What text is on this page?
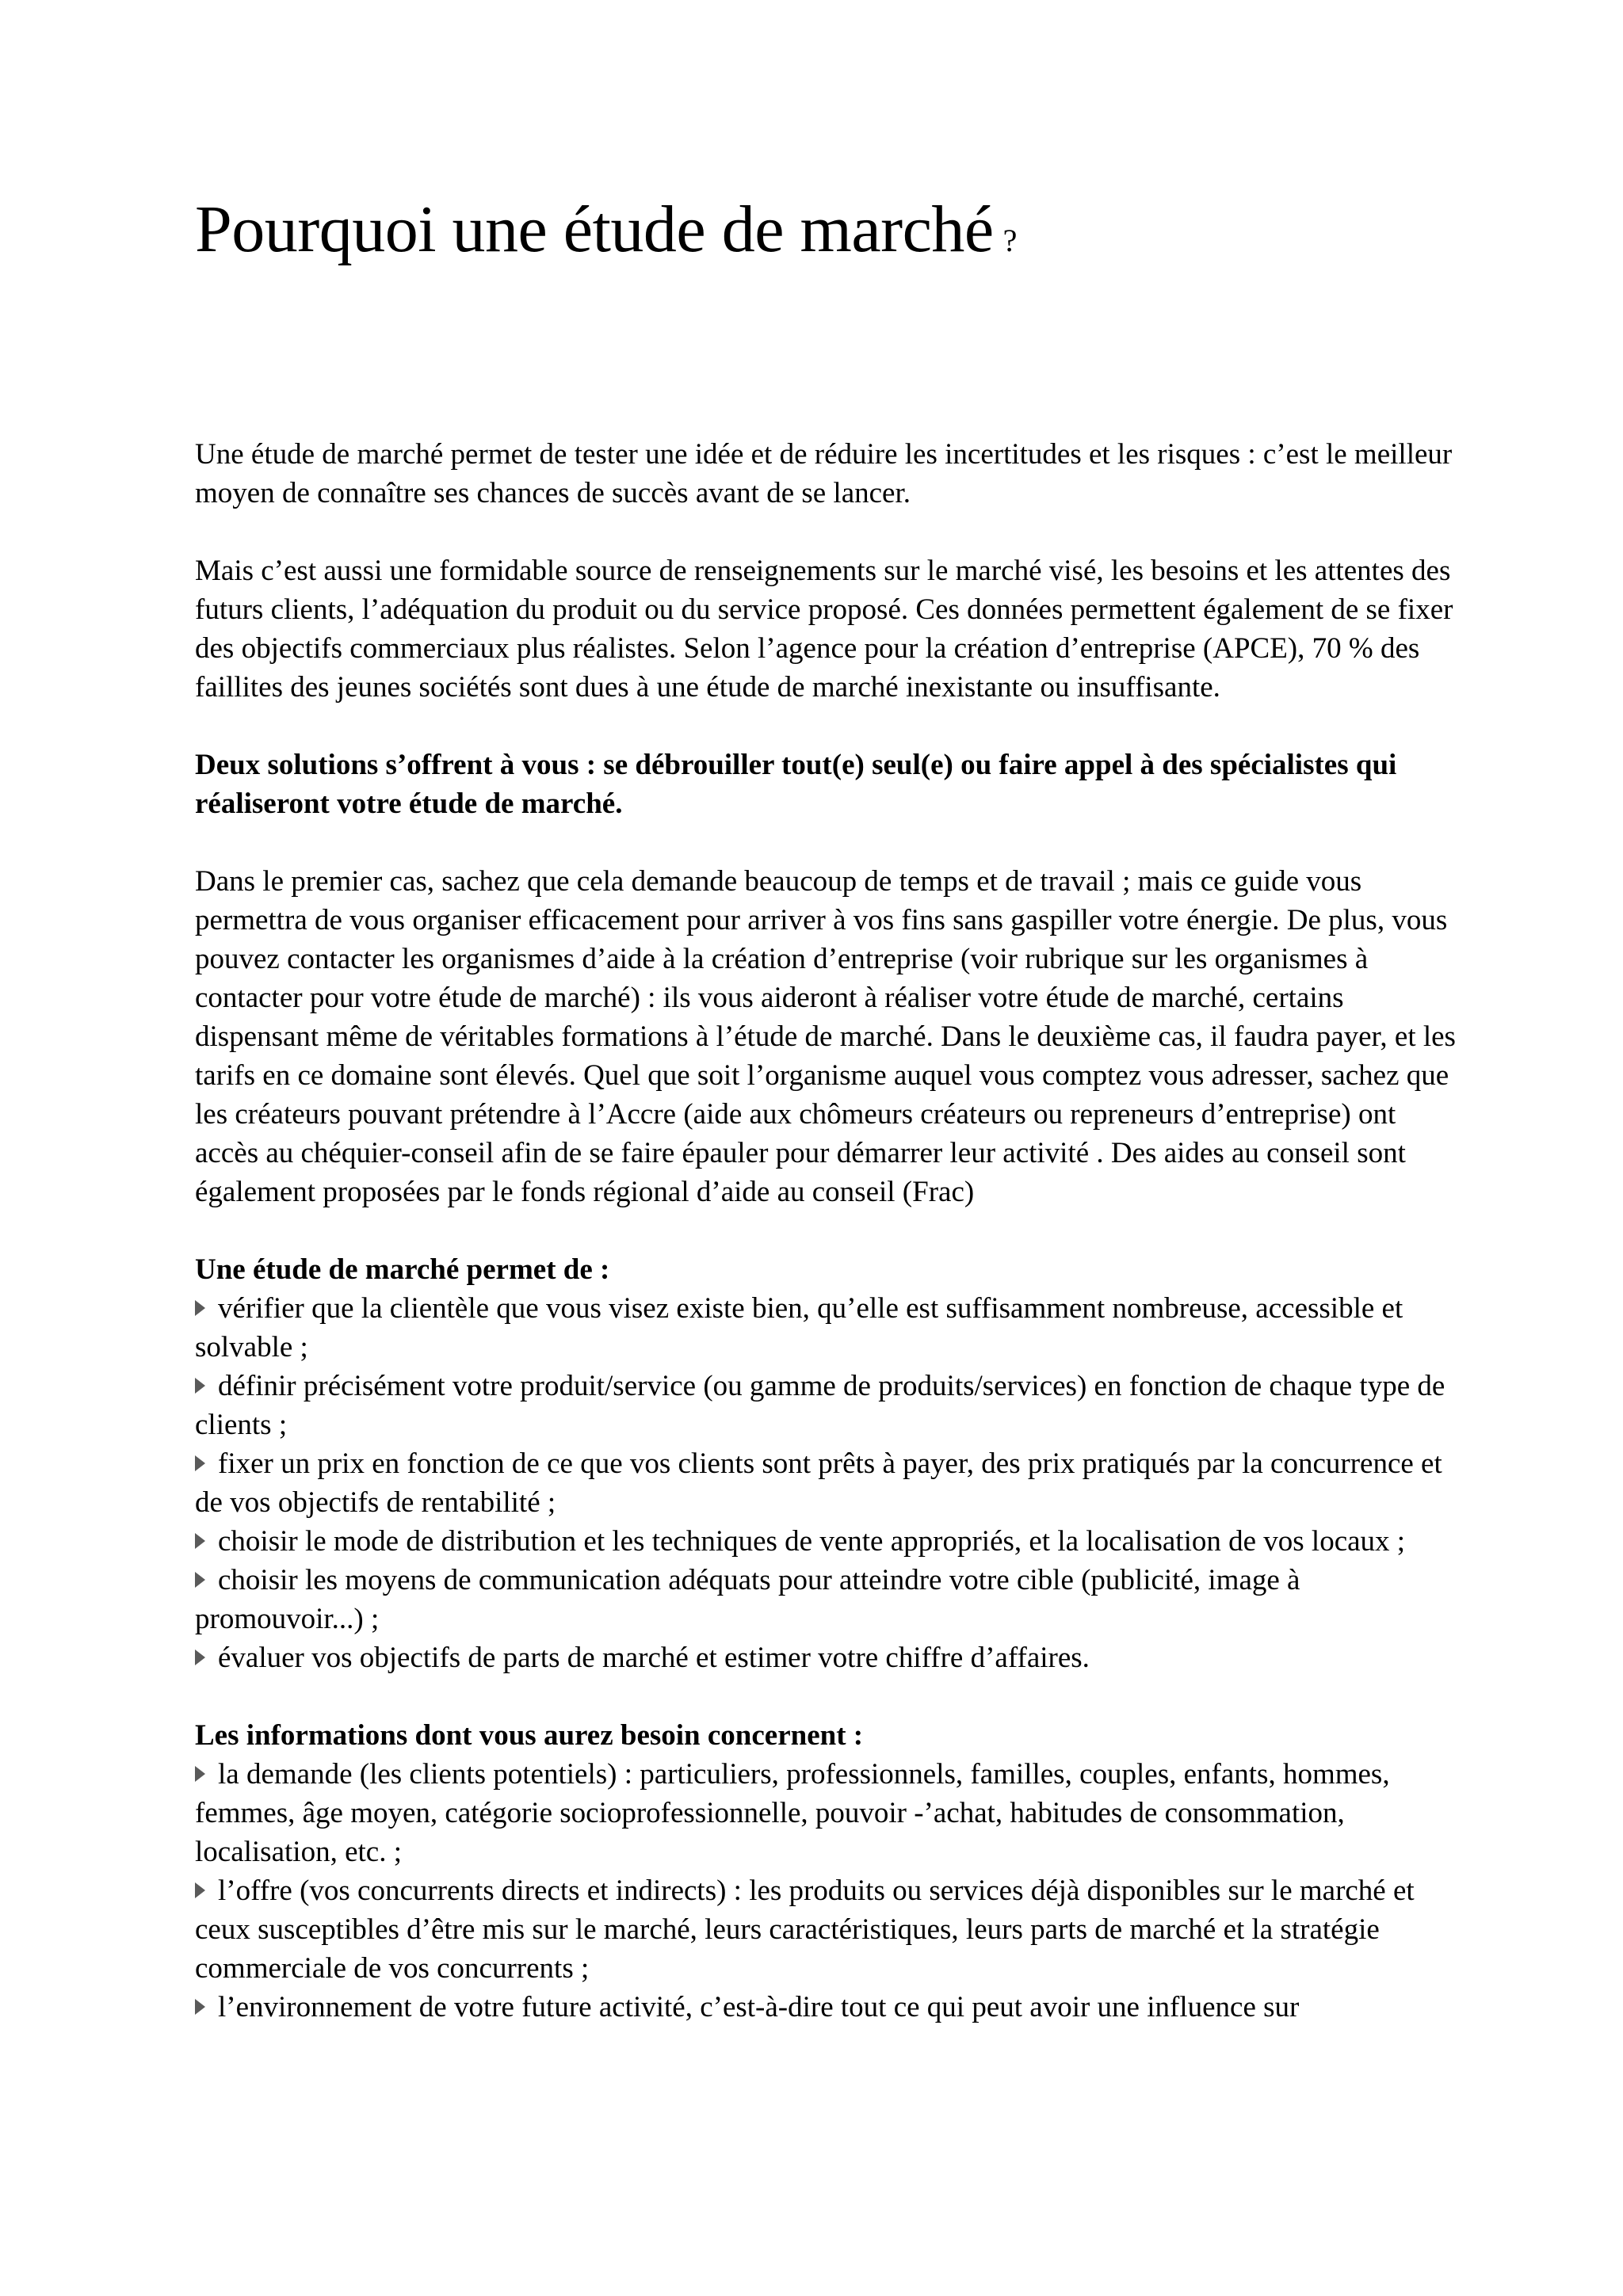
Pourquoi une étude de marché ?

Une étude de marché permet de tester une idée et de réduire les incertitudes et les risques : c’est le meilleur moyen de connaître ses chances de succès avant de se lancer.

Mais c’est aussi une formidable source de renseignements sur le marché visé, les besoins et les attentes des futurs clients, l’adéquation du produit ou du service proposé. Ces données permettent également de se fixer des objectifs commerciaux plus réalistes. Selon l’agence pour la création d’entreprise (APCE), 70 % des faillites des jeunes sociétés sont dues à une étude de marché inexistante ou insuffisante.

Deux solutions s’offrent à vous : se débrouiller tout(e) seul(e) ou faire appel à des spécialistes qui réaliseront votre étude de marché.

Dans le premier cas, sachez que cela demande beaucoup de temps et de travail ; mais ce guide vous permettra de vous organiser efficacement pour arriver à vos fins sans gaspiller votre énergie. De plus, vous pouvez contacter les organismes d’aide à la création d’entreprise (voir rubrique sur les organismes à contacter pour votre étude de marché) : ils vous aideront à réaliser votre étude de marché, certains dispensant même de véritables formations à l’étude de marché. Dans le deuxième cas, il faudra payer, et les tarifs en ce domaine sont élevés. Quel que soit l’organisme auquel vous comptez vous adresser, sachez que les créateurs pouvant prétendre à l’Accre (aide aux chômeurs créateurs ou repreneurs d’entreprise) ont accès au chéquier-conseil afin de se faire épauler pour démarrer leur activité . Des aides au conseil sont également proposées par le fonds régional d’aide au conseil (Frac)

Une étude de marché permet de :

vérifier que la clientèle que vous visez existe bien, qu’elle est suffisamment nombreuse, accessible et solvable ;
définir précisément votre produit/service (ou gamme de produits/services) en fonction de chaque type de clients ;
fixer un prix en fonction de ce que vos clients sont prêts à payer, des prix pratiqués par la concurrence et de vos objectifs de rentabilité ;
choisir le mode de distribution et les techniques de vente appropriés, et la localisation de vos locaux ;
choisir les moyens de communication adéquats pour atteindre votre cible (publicité, image à promouvoir...) ;
évaluer vos objectifs de parts de marché et estimer votre chiffre d’affaires.

Les informations dont vous aurez besoin concernent :

la demande (les clients potentiels) : particuliers, professionnels, familles, couples, enfants, hommes, femmes, âge moyen, catégorie socioprofessionnelle, pouvoir -’achat, habitudes de consommation, localisation, etc. ;
l’offre (vos concurrents directs et indirects) : les produits ou services déjà disponibles sur le marché et ceux susceptibles d’être mis sur le marché, leurs caractéristiques, leurs parts de marché et la stratégie commerciale de vos concurrents ;
l’environnement de votre future activité, c’est-à-dire tout ce qui peut avoir une influence sur
